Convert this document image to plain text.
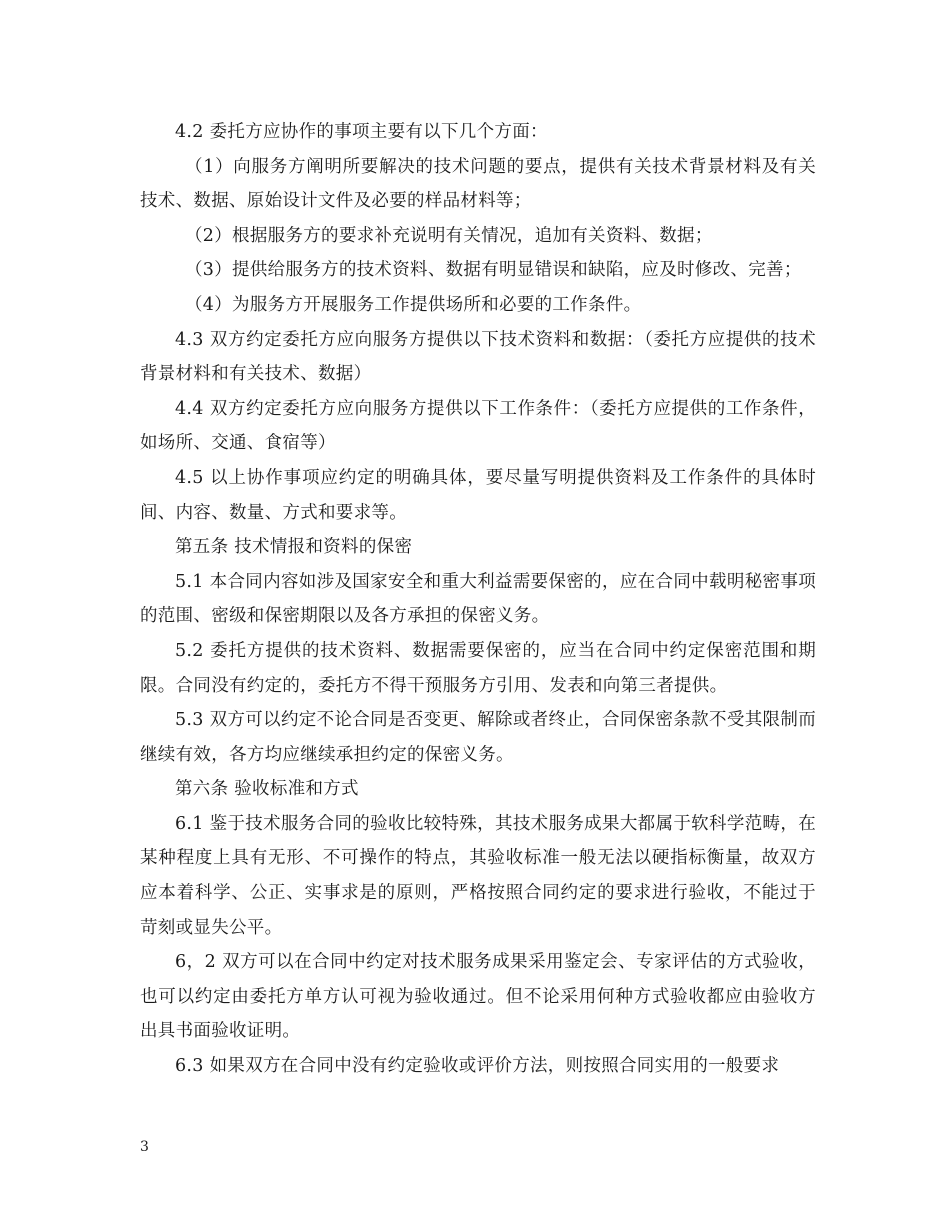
4.2 委托方应协作的事项主要有以下几个方面：

（1）向服务方阐明所要解决的技术问题的要点，提供有关技术背景材料及有关技术、数据、原始设计文件及必要的样品材料等；

（2）根据服务方的要求补充说明有关情况，追加有关资料、数据；

（3）提供给服务方的技术资料、数据有明显错误和缺陷，应及时修改、完善；

（4）为服务方开展服务工作提供场所和必要的工作条件。

4.3 双方约定委托方应向服务方提供以下技术资料和数据：（委托方应提供的技术背景材料和有关技术、数据）

4.4 双方约定委托方应向服务方提供以下工作条件：（委托方应提供的工作条件，如场所、交通、食宿等）

4.5 以上协作事项应约定的明确具体，要尽量写明提供资料及工作条件的具体时间、内容、数量、方式和要求等。

第五条 技术情报和资料的保密

5.1 本合同内容如涉及国家安全和重大利益需要保密的，应在合同中载明秘密事项的范围、密级和保密期限以及各方承担的保密义务。

5.2 委托方提供的技术资料、数据需要保密的，应当在合同中约定保密范围和期限。合同没有约定的，委托方不得干预服务方引用、发表和向第三者提供。

5.3 双方可以约定不论合同是否变更、解除或者终止，合同保密条款不受其限制而继续有效，各方均应继续承担约定的保密义务。

第六条 验收标准和方式

6.1 鉴于技术服务合同的验收比较特殊，其技术服务成果大都属于软科学范畴，在某种程度上具有无形、不可操作的特点，其验收标准一般无法以硬指标衡量，故双方应本着科学、公正、实事求是的原则，严格按照合同约定的要求进行验收，不能过于苛刻或显失公平。

6，2 双方可以在合同中约定对技术服务成果采用鉴定会、专家评估的方式验收，也可以约定由委托方单方认可视为验收通过。但不论采用何种方式验收都应由验收方出具书面验收证明。

6.3 如果双方在合同中没有约定验收或评价方法，则按照合同实用的一般要求

3
